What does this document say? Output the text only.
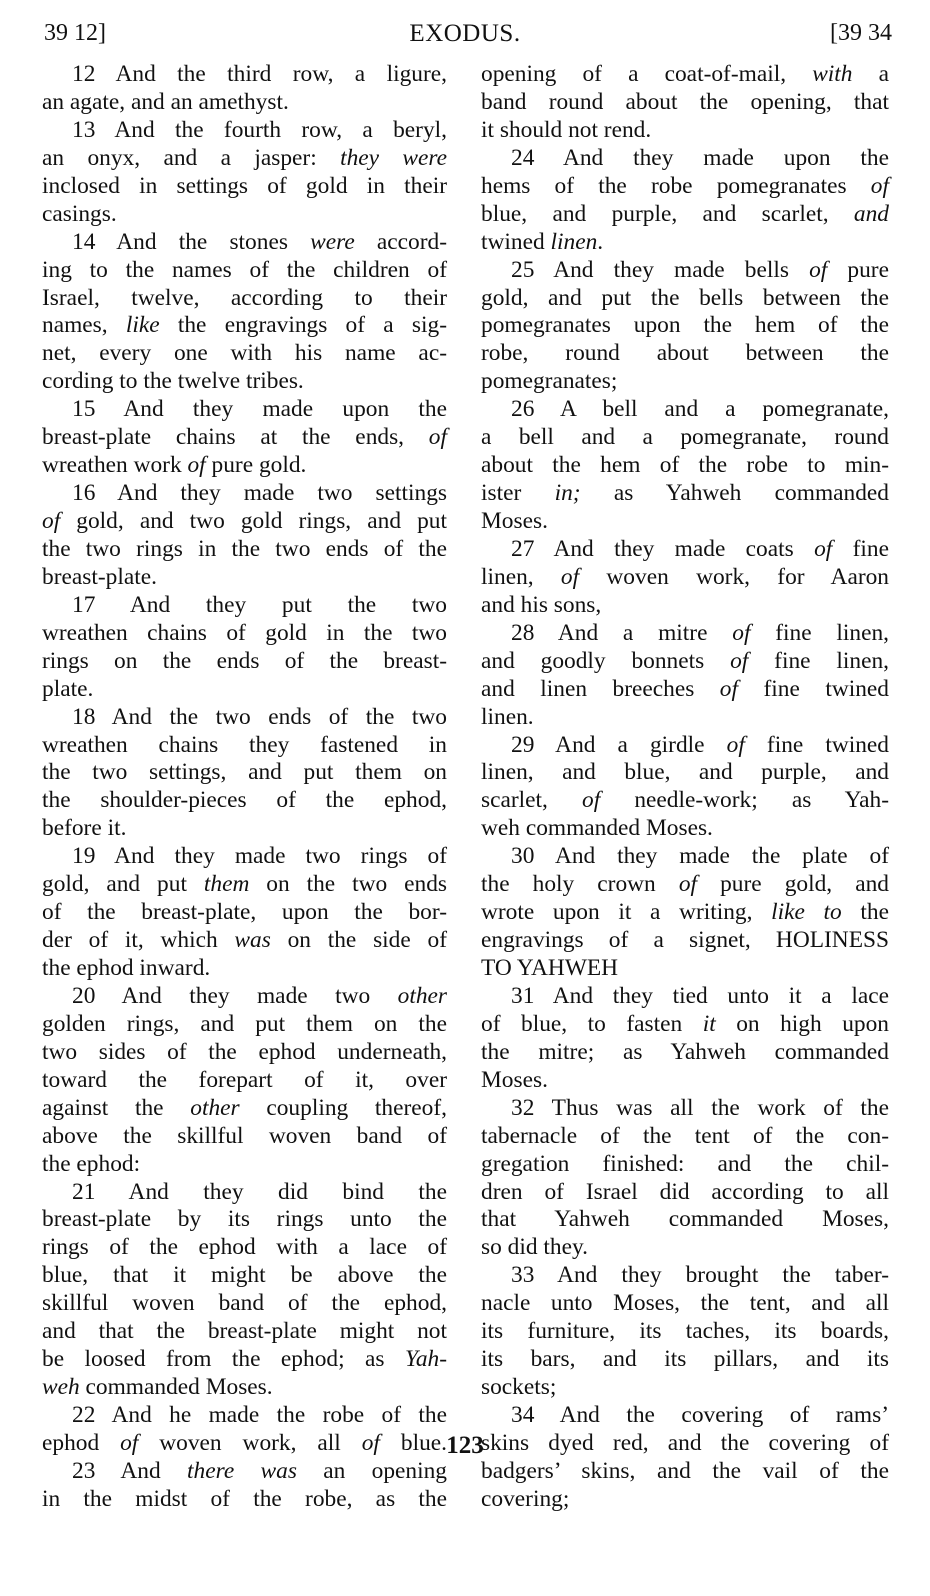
39 12]	EXODUS.	[39 34
12 And the third row, a ligure,
an agate, and an amethyst.
13 And the fourth row, a beryl,
an onyx, and a jasper: they were
inclosed in settings of gold in their
casings.
14 And the stones were accord-
ing to the names of the children of
Israel, twelve, according to their
names, like the engravings of a sig-
net, every one with his name ac-
cording to the twelve tribes.
15 And they made upon the
breast-plate chains at the ends, of
wreathen work of pure gold.
16 And they made two settings
of gold, and two gold rings, and put
the two rings in the two ends of the
breast-plate.
17 And they put the two
wreathen chains of gold in the two
rings on the ends of the breast-
plate.
18 And the two ends of the two
wreathen chains they fastened in
the two settings, and put them on
the shoulder-pieces of the ephod,
before it.
19 And they made two rings of
gold, and put them on the two ends
of the breast-plate, upon the bor-
der of it, which was on the side of
the ephod inward.
20 And they made two other
golden rings, and put them on the
two sides of the ephod underneath,
toward the forepart of it, over
against the other coupling thereof,
above the skillful woven band of
the ephod:
21 And they did bind the
breast-plate by its rings unto the
rings of the ephod with a lace of
blue, that it might be above the
skillful woven band of the ephod,
and that the breast-plate might not
be loosed from the ephod; as Yah-
weh commanded Moses.
22 And he made the robe of the
ephod of woven work, all of blue.
23 And there was an opening
in the midst of the robe, as the
opening of a coat-of-mail, with a
band round about the opening, that
it should not rend.
24 And they made upon the
hems of the robe pomegranates of
blue, and purple, and scarlet, and
twined linen.
25 And they made bells of pure
gold, and put the bells between the
pomegranates upon the hem of the
robe, round about between the
pomegranates;
26 A bell and a pomegranate,
a bell and a pomegranate, round
about the hem of the robe to min-
ister in; as Yahweh commanded
Moses.
27 And they made coats of fine
linen, of woven work, for Aaron
and his sons,
28 And a mitre of fine linen,
and goodly bonnets of fine linen,
and linen breeches of fine twined
linen.
29 And a girdle of fine twined
linen, and blue, and purple, and
scarlet, of needle-work; as Yah-
weh commanded Moses.
30 And they made the plate of
the holy crown of pure gold, and
wrote upon it a writing, like to the
engravings of a signet, HOLINESS
TO YAHWEH
31 And they tied unto it a lace
of blue, to fasten it on high upon
the mitre; as Yahweh commanded
Moses.
32 Thus was all the work of the
tabernacle of the tent of the con-
gregation finished: and the chil-
dren of Israel did according to all
that Yahweh commanded Moses,
so did they.
33 And they brought the taber-
nacle unto Moses, the tent, and all
its furniture, its taches, its boards,
its bars, and its pillars, and its
sockets;
34 And the covering of rams’
skins dyed red, and the covering of
badgers’ skins, and the vail of the
covering;
123
